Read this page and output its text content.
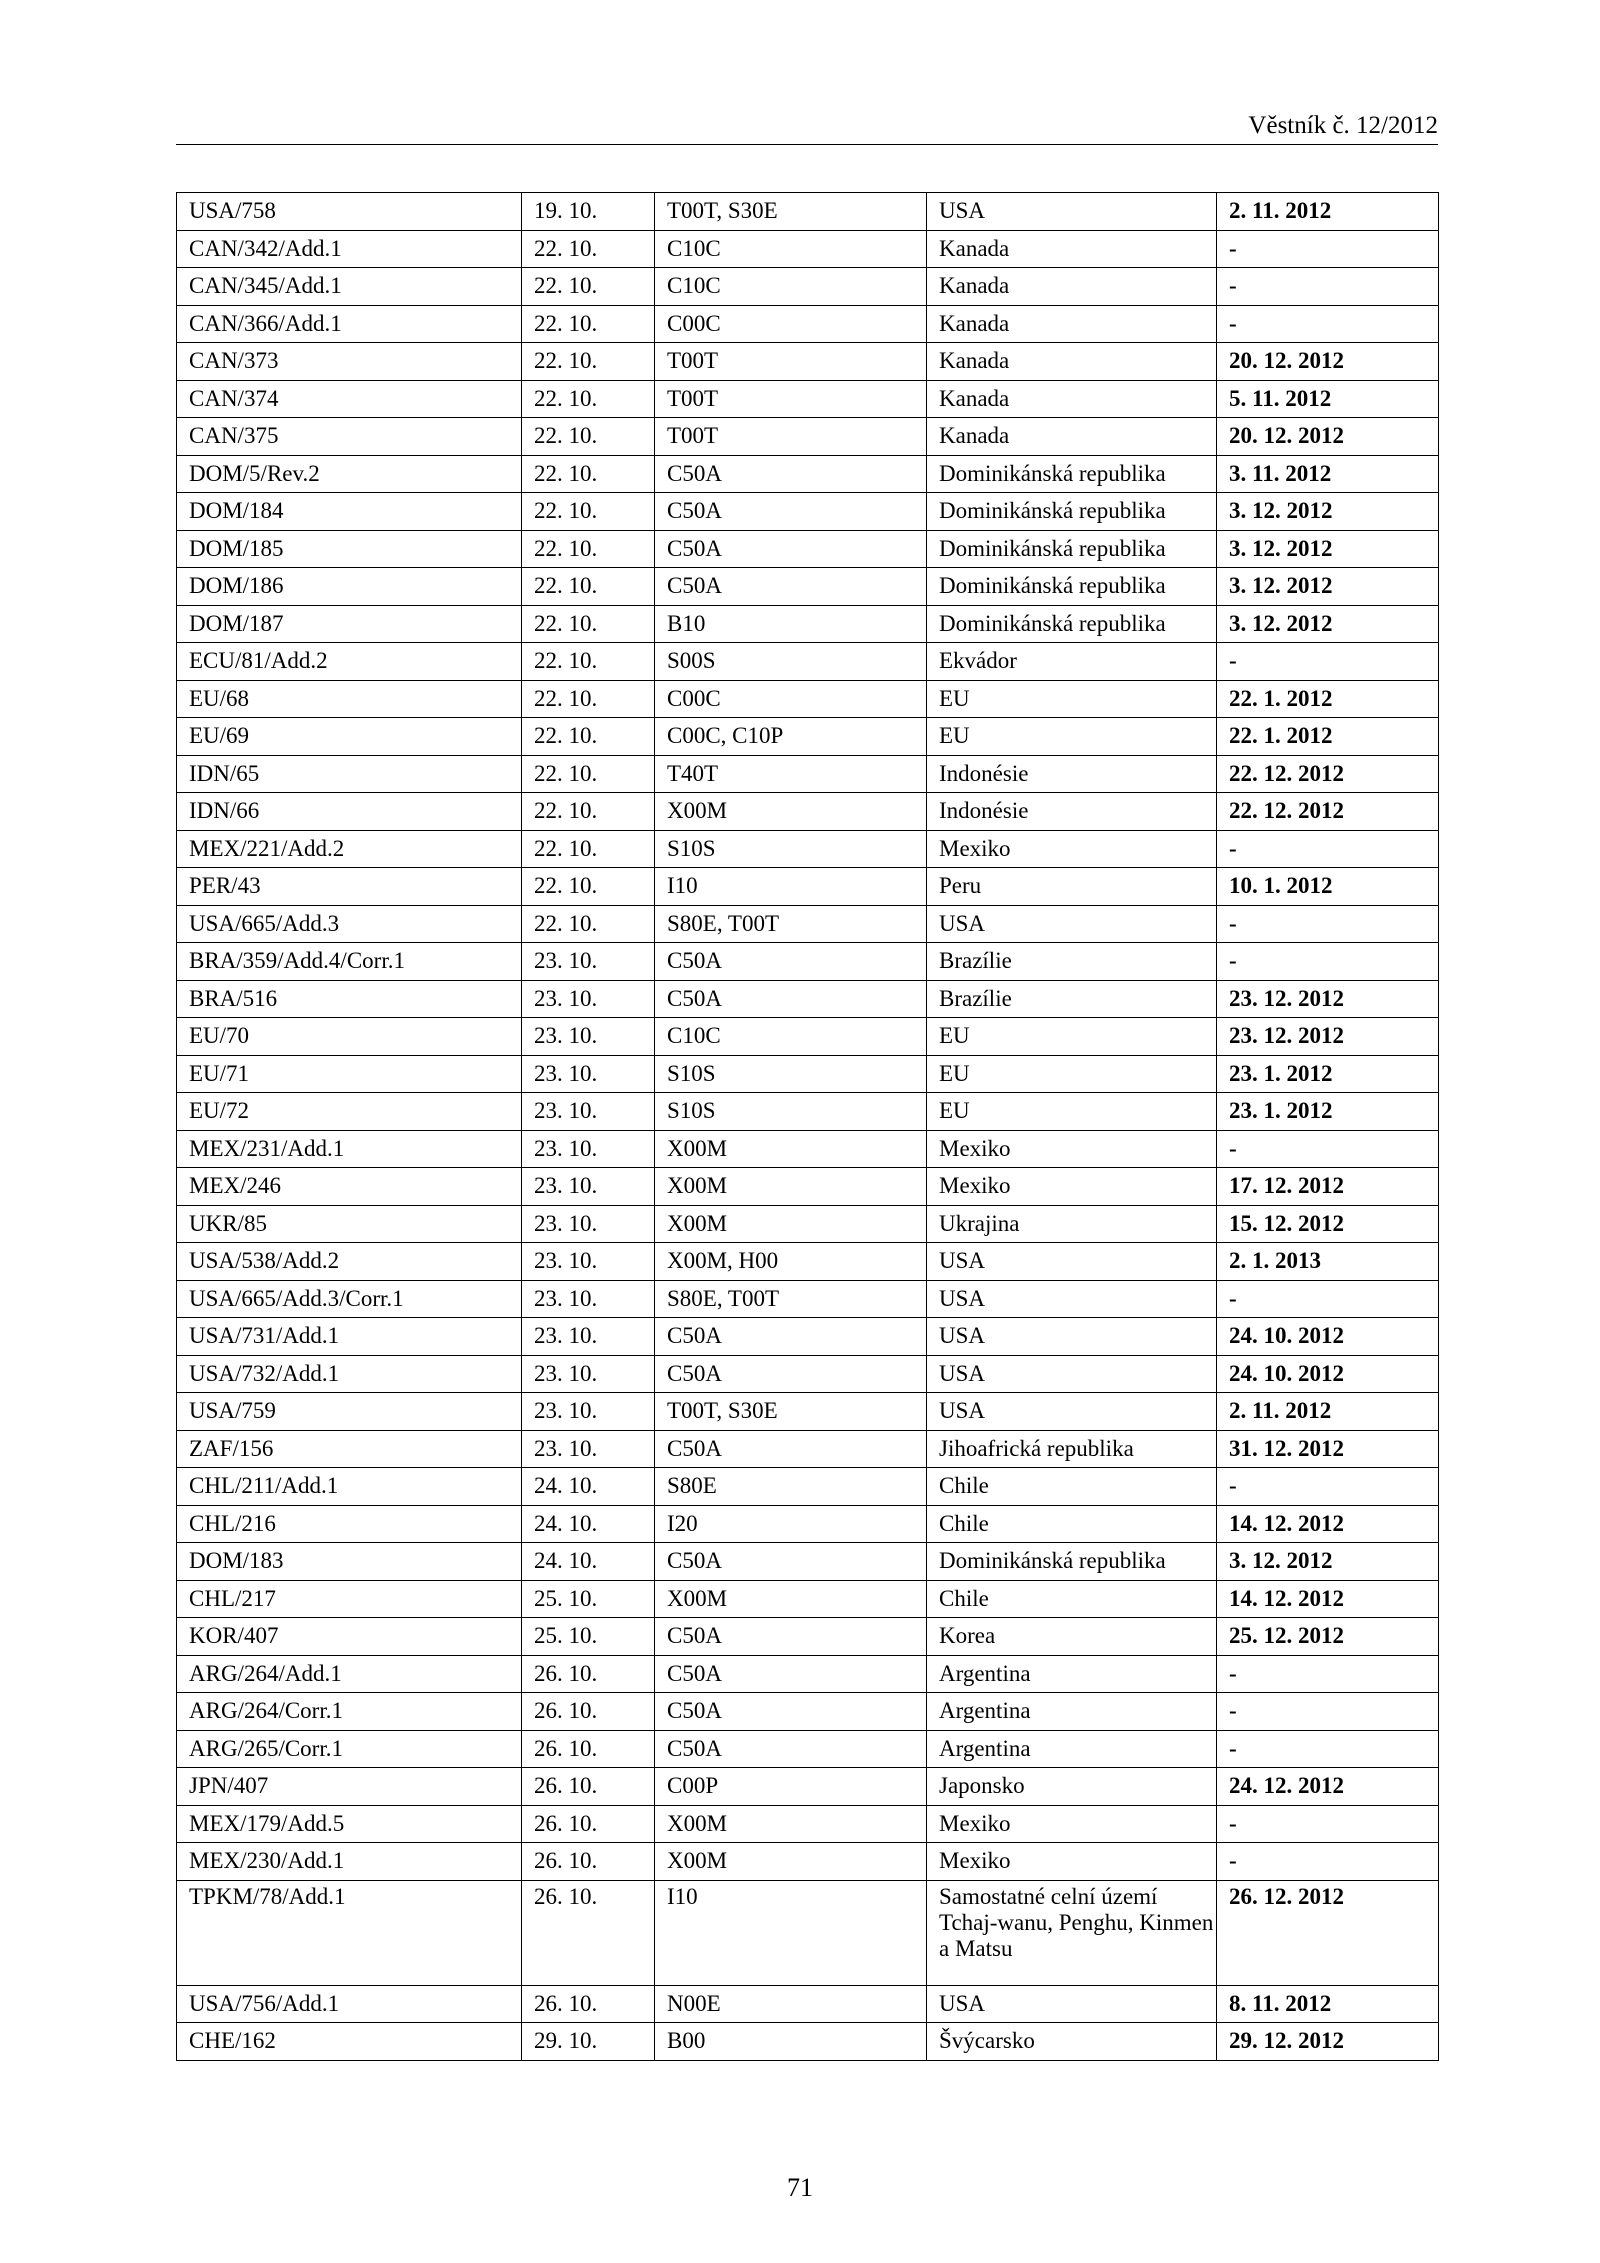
Věstník č. 12/2012
USA/758	19. 10.	T00T, S30E	USA	2. 11. 2012
CAN/342/Add.1	22. 10.	C10C	Kanada	-
CAN/345/Add.1	22. 10.	C10C	Kanada	-
CAN/366/Add.1	22. 10.	C00C	Kanada	-
CAN/373	22. 10.	T00T	Kanada	20. 12. 2012
CAN/374	22. 10.	T00T	Kanada	5. 11. 2012
CAN/375	22. 10.	T00T	Kanada	20. 12. 2012
DOM/5/Rev.2	22. 10.	C50A	Dominikánská republika	3. 11. 2012
DOM/184	22. 10.	C50A	Dominikánská republika	3. 12. 2012
DOM/185	22. 10.	C50A	Dominikánská republika	3. 12. 2012
DOM/186	22. 10.	C50A	Dominikánská republika	3. 12. 2012
DOM/187	22. 10.	B10	Dominikánská republika	3. 12. 2012
ECU/81/Add.2	22. 10.	S00S	Ekvádor	-
EU/68	22. 10.	C00C	EU	22. 1. 2012
EU/69	22. 10.	C00C, C10P	EU	22. 1. 2012
IDN/65	22. 10.	T40T	Indonésie	22. 12. 2012
IDN/66	22. 10.	X00M	Indonésie	22. 12. 2012
MEX/221/Add.2	22. 10.	S10S	Mexiko	-
PER/43	22. 10.	I10	Peru	10. 1. 2012
USA/665/Add.3	22. 10.	S80E, T00T	USA	-
BRA/359/Add.4/Corr.1	23. 10.	C50A	Brazílie	-
BRA/516	23. 10.	C50A	Brazílie	23. 12. 2012
EU/70	23. 10.	C10C	EU	23. 12. 2012
EU/71	23. 10.	S10S	EU	23. 1. 2012
EU/72	23. 10.	S10S	EU	23. 1. 2012
MEX/231/Add.1	23. 10.	X00M	Mexiko	-
MEX/246	23. 10.	X00M	Mexiko	17. 12. 2012
UKR/85	23. 10.	X00M	Ukrajina	15. 12. 2012
USA/538/Add.2	23. 10.	X00M, H00	USA	2. 1. 2013
USA/665/Add.3/Corr.1	23. 10.	S80E, T00T	USA	-
USA/731/Add.1	23. 10.	C50A	USA	24. 10. 2012
USA/732/Add.1	23. 10.	C50A	USA	24. 10. 2012
USA/759	23. 10.	T00T, S30E	USA	2. 11. 2012
ZAF/156	23. 10.	C50A	Jihoafrická republika	31. 12. 2012
CHL/211/Add.1	24. 10.	S80E	Chile	-
CHL/216	24. 10.	I20	Chile	14. 12. 2012
DOM/183	24. 10.	C50A	Dominikánská republika	3. 12. 2012
CHL/217	25. 10.	X00M	Chile	14. 12. 2012
KOR/407	25. 10.	C50A	Korea	25. 12. 2012
ARG/264/Add.1	26. 10.	C50A	Argentina	-
ARG/264/Corr.1	26. 10.	C50A	Argentina	-
ARG/265/Corr.1	26. 10.	C50A	Argentina	-
JPN/407	26. 10.	C00P	Japonsko	24. 12. 2012
MEX/179/Add.5	26. 10.	X00M	Mexiko	-
MEX/230/Add.1	26. 10.	X00M	Mexiko	-
TPKM/78/Add.1	26. 10.	I10	Samostatné celní území Tchaj-wanu, Penghu, Kinmen a Matsu	26. 12. 2012
USA/756/Add.1	26. 10.	N00E	USA	8. 11. 2012
CHE/162	29. 10.	B00	Švýcarsko	29. 12. 2012
71
